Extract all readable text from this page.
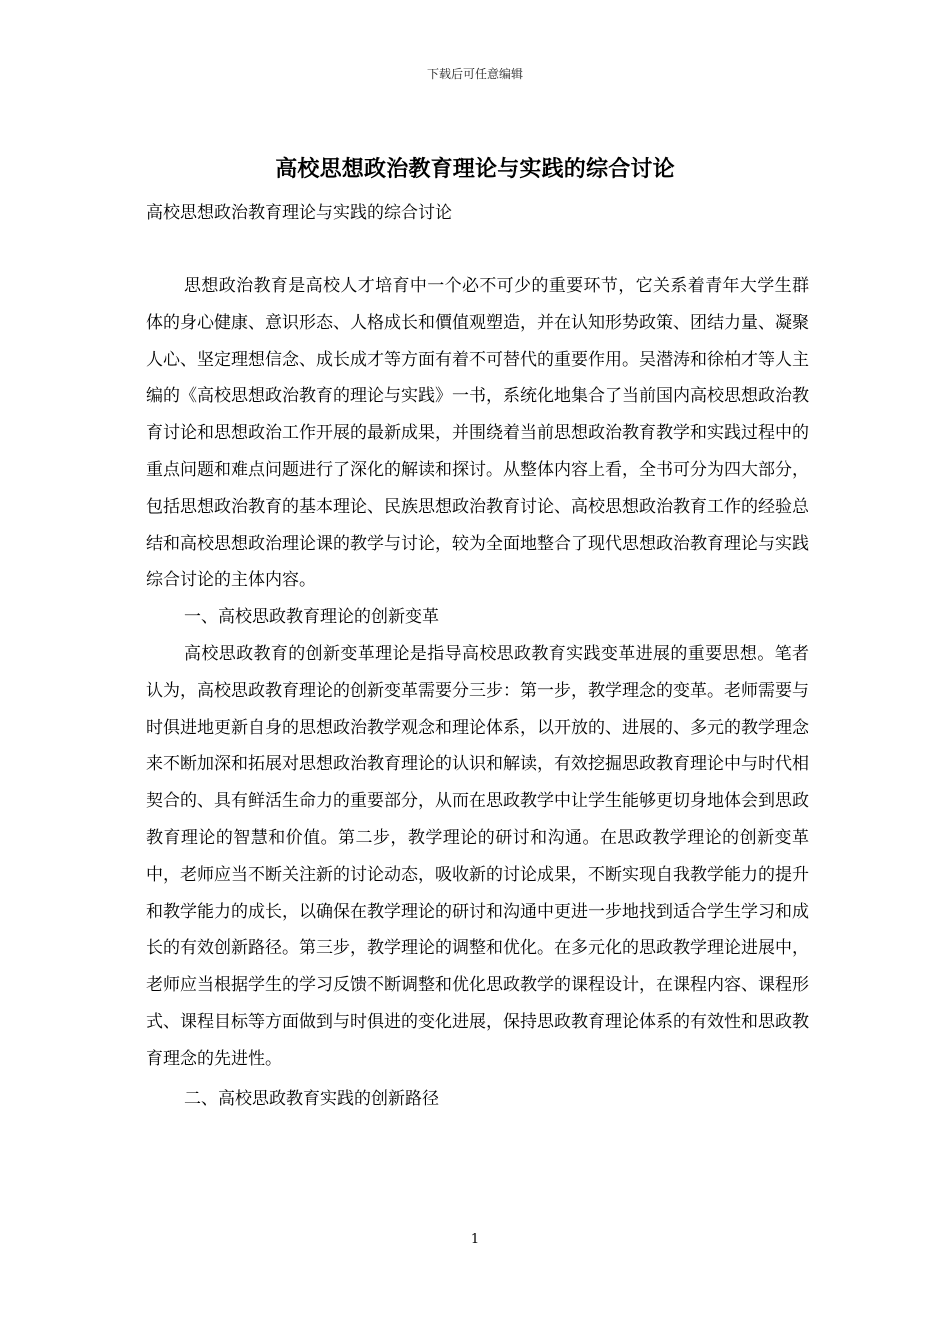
下载后可任意编辑
高校思想政治教育理论与实践的综合讨论
高校思想政治教育理论与实践的综合讨论

思想政治教育是高校人才培育中一个必不可少的重要环节，它关系着青年大学生群体的身心健康、意识形态、人格成长和價值观塑造，并在认知形势政策、团结力量、凝聚人心、坚定理想信念、成长成才等方面有着不可替代的重要作用。吴潜涛和徐柏才等人主编的《高校思想政治教育的理论与实践》一书，系统化地集合了当前国内高校思想政治教育讨论和思想政治工作开展的最新成果，并围绕着当前思想政治教育教学和实践过程中的重点问题和难点问题进行了深化的解读和探讨。从整体内容上看，全书可分为四大部分，包括思想政治教育的基本理论、民族思想政治教育讨论、高校思想政治教育工作的经验总结和高校思想政治理论课的教学与讨论，较为全面地整合了现代思想政治教育理论与实践综合讨论的主体内容。

一、高校思政教育理论的创新变革

高校思政教育的创新变革理论是指导高校思政教育实践变革进展的重要思想。笔者认为，高校思政教育理论的创新变革需要分三步：第一步，教学理念的变革。老师需要与时俱进地更新自身的思想政治教学观念和理论体系，以开放的、进展的、多元的教学理念来不断加深和拓展对思想政治教育理论的认识和解读，有效挖掘思政教育理论中与时代相契合的、具有鲜活生命力的重要部分，从而在思政教学中让学生能够更切身地体会到思政教育理论的智慧和价值。第二步，教学理论的研讨和沟通。在思政教学理论的创新变革中，老师应当不断关注新的讨论动态，吸收新的讨论成果，不断实现自我教学能力的提升和教学能力的成长，以确保在教学理论的研讨和沟通中更进一步地找到适合学生学习和成长的有效创新路径。第三步，教学理论的调整和优化。在多元化的思政教学理论进展中，老师应当根据学生的学习反馈不断调整和优化思政教学的课程设计，在课程内容、课程形式、课程目标等方面做到与时俱进的变化进展，保持思政教育理论体系的有效性和思政教育理念的先进性。

二、高校思政教育实践的创新路径

1
